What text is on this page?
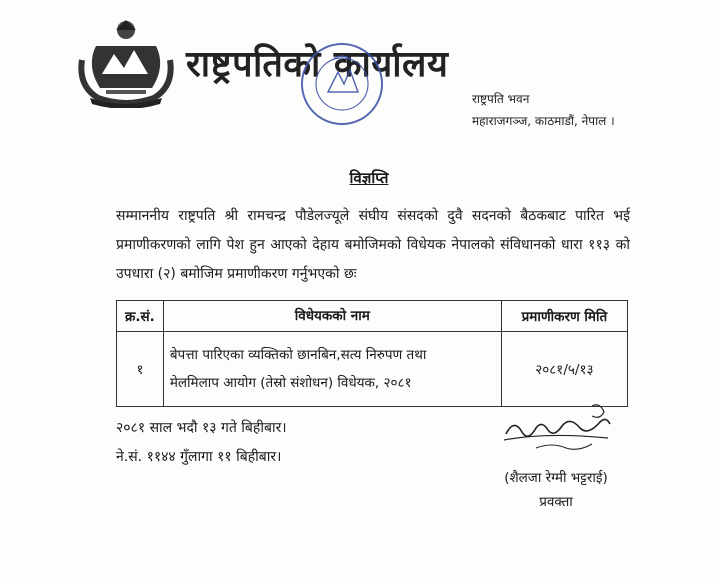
राष्ट्रपतिको कार्यालय
राष्ट्रपति भवन
महाराजगञ्ज, काठमाडौं, नेपाल ।
विज्ञप्ति
सम्माननीय राष्ट्रपति श्री रामचन्द्र पौडेलज्यूले संघीय संसदको दुवै सदनको बैठकबाट पारित भई प्रमाणीकरणको लागि पेश हुन आएको देहाय बमोजिमको विधेयक नेपालको संविधानको धारा ११३ को उपधारा (२) बमोजिम प्रमाणीकरण गर्नुभएको छः
क्र.सं.	विधेयकको नाम	प्रमाणीकरण मिति
१	बेपत्ता पारिएका व्यक्तिको छानबिन,सत्य निरुपण तथा
मेलमिलाप आयोग (तेस्रो संशोधन) विधेयक, २०८१	२०८१/५/१३
२०८१ साल भदौ १३ गते बिहीबार।
ने.सं. ११४४ गुँलागा ११ बिहीबार।
(शैलजा रेग्मी भट्टराई)
प्रवक्ता
